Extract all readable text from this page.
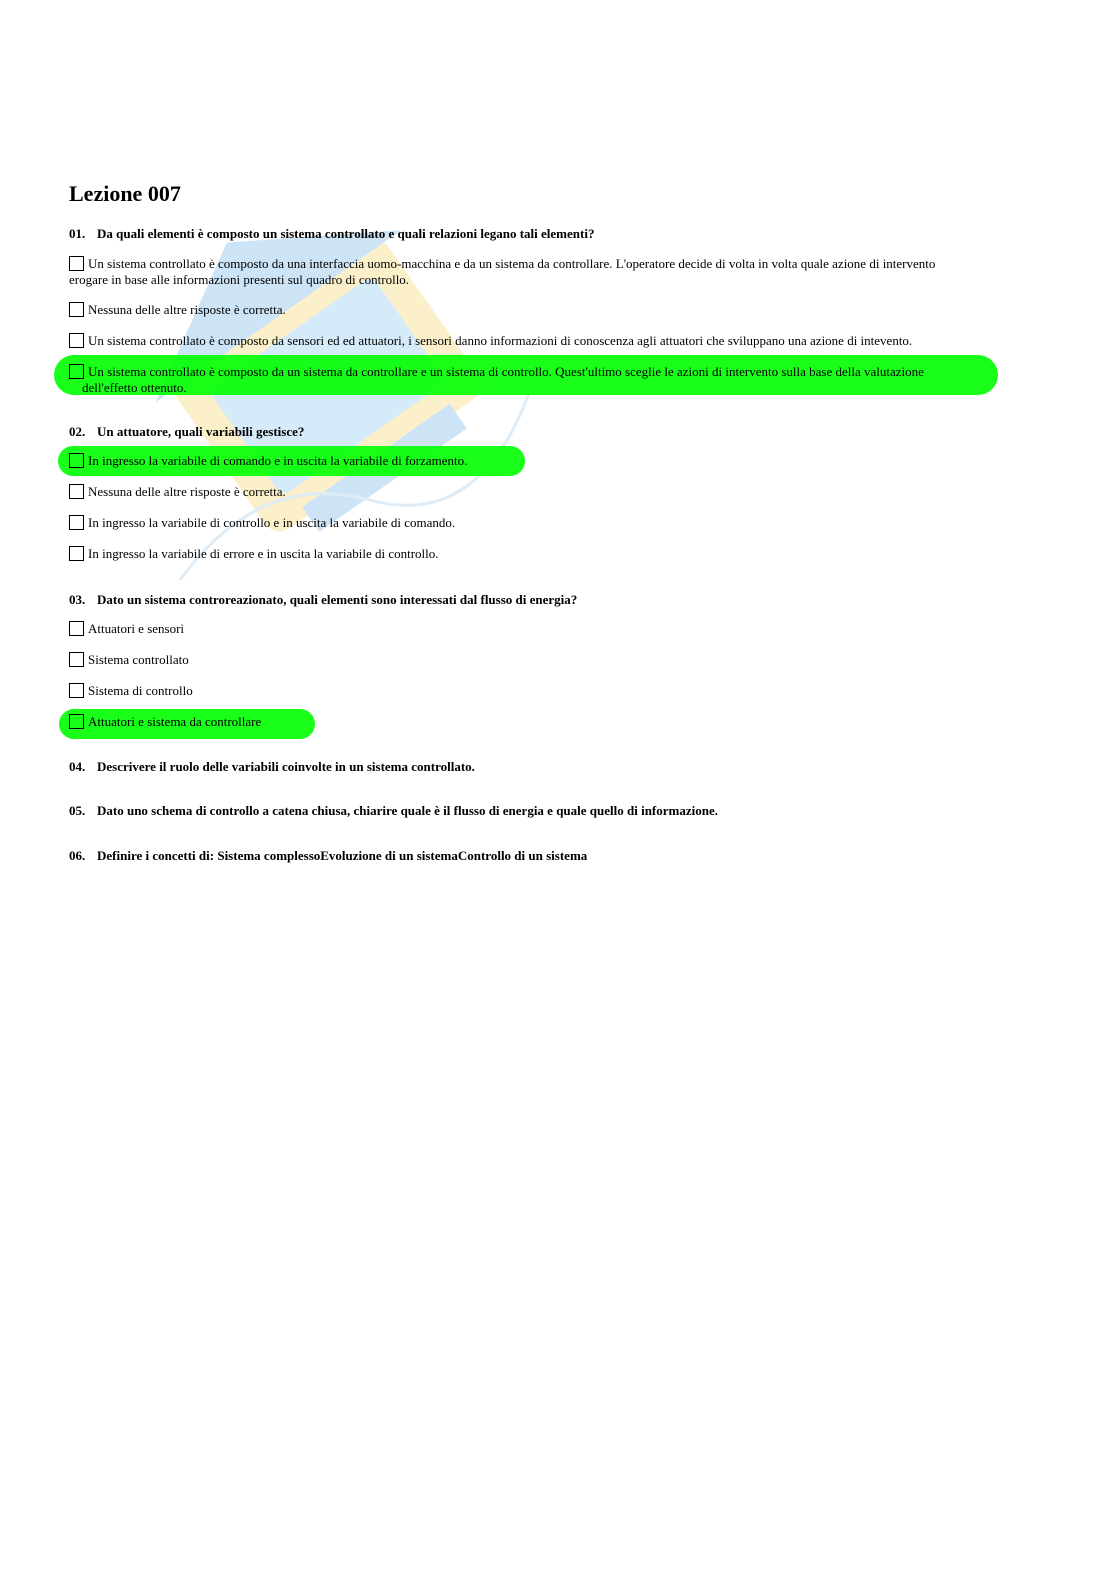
Lezione 007

01. Da quali elementi è composto un sistema controllato e quali relazioni legano tali elementi?

Un sistema controllato è composto da una interfaccia uomo-macchina e da un sistema da controllare. L'operatore decide di volta in volta quale azione di intervento
erogare in base alle informazioni presenti sul quadro di controllo.
Nessuna delle altre risposte è corretta.
Un sistema controllato è composto da sensori ed ed attuatori, i sensori danno informazioni di conoscenza agli attuatori che sviluppano una azione di intevento.
Un sistema controllato è composto da un sistema da controllare e un sistema di controllo. Quest'ultimo sceglie le azioni di intervento sulla base della valutazione
dell'effetto ottenuto.

02. Un attuatore, quali variabili gestisce?

In ingresso la variabile di comando e in uscita la variabile di forzamento.
Nessuna delle altre risposte è corretta.
In ingresso la variabile di controllo e in uscita la variabile di comando.
In ingresso la variabile di errore e in uscita la variabile di controllo.

03. Dato un sistema controreazionato, quali elementi sono interessati dal flusso di energia?

Attuatori e sensori
Sistema controllato
Sistema di controllo
Attuatori e sistema da controllare

04. Descrivere il ruolo delle variabili coinvolte in un sistema controllato.

05. Dato uno schema di controllo a catena chiusa, chiarire quale è il flusso di energia e quale quello di informazione.

06. Definire i concetti di: Sistema complessoEvoluzione di un sistemaControllo di un sistema
